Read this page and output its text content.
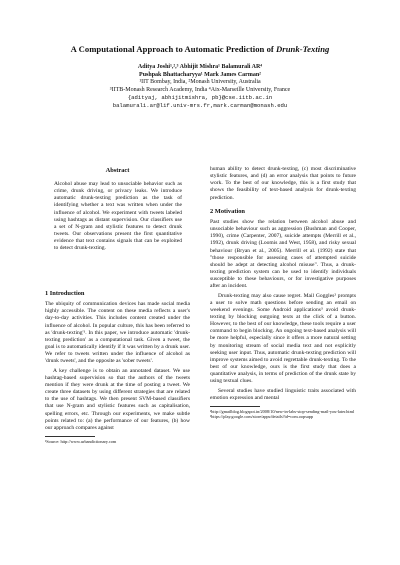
A Computational Approach to Automatic Prediction of Drunk-Texting
Aditya Joshi¹,²,³ Abhijit Mishra¹ Balamurali AR⁴
Pushpak Bhattacharyya¹ Mark James Carman²
¹IIT Bombay, India, ²Monash University, Australia
³IITB-Monash Research Academy, India ⁴Aix-Marseille University, France
{adityaj, abhijitmishra, pb}@cse.iitb.ac.in
balamurali.ar@lif.univ-mrs.fr,mark.carman@monash.edu
Abstract
Alcohol abuse may lead to unsociable behavior such as crime, drunk driving, or privacy leaks. We introduce automatic drunk-texting prediction as the task of identifying whether a text was written when under the influence of alcohol. We experiment with tweets labeled using hashtags as distant supervision. Our classifiers use a set of N-gram and stylistic features to detect drunk tweets. Our observations present the first quantitative evidence that text contains signals that can be exploited to detect drunk-texting.
1 Introduction

The ubiquity of communication devices has made social media highly accessible. The content on these media reflects a user's day-to-day activities. This includes content created under the influence of alcohol. In popular culture, this has been referred to as 'drunk-texting'¹. In this paper, we introduce automatic 'drunk-texting prediction' as a computational task. Given a tweet, the goal is to automatically identify if it was written by a drunk user. We refer to tweets written under the influence of alcohol as 'drunk tweets', and the opposite as 'sober tweets'.

A key challenge is to obtain an annotated dataset. We use hashtag-based supervision so that the authors of the tweets mention if they were drunk at the time of posting a tweet. We create three datasets by using different strategies that are related to the use of hashtags. We then present SVM-based classifiers that use N-gram and stylistic features such as capitalisation, spelling errors, etc. Through our experiments, we make subtle points related to: (a) the performance of our features, (b) how our approach compares against

¹Source: http://www.urbandictionary.com

human ability to detect drunk-texting, (c) most discriminative stylistic features, and (d) an error analysis that points to future work. To the best of our knowledge, this is a first study that shows the feasibility of text-based analysis for drunk-texting prediction.

2 Motivation

Past studies show the relation between alcohol abuse and unsociable behaviour such as aggression (Bushman and Cooper, 1990), crime (Carpenter, 2007), suicide attempts (Merrill et al., 1992), drunk driving (Loomis and West, 1958), and risky sexual behaviour (Bryan et al., 2005). Merrill et al. (1992) state that "those responsible for assessing cases of attempted suicide should be adept at detecting alcohol misuse". Thus, a drunk-texting prediction system can be used to identify individuals susceptible to these behaviours, or for investigative purposes after an incident.

Drunk-texting may also cause regret. Mail Goggles² prompts a user to solve math questions before sending an email on weekend evenings. Some Android applications³ avoid drunk-texting by blocking outgoing texts at the click of a button. However, to the best of our knowledge, these tools require a user command to begin blocking. An ongoing text-based analysis will be more helpful, especially since it offers a more natural setting by monitoring stream of social media text and not explicitly seeking user input. Thus, automatic drunk-texting prediction will improve systems aimed to avoid regrettable drunk-texting. To the best of our knowledge, ours is the first study that does a quantitative analysis, in terms of prediction of the drunk state by using textual clues.

Several studies have studied linguistic traits associated with emotion expression and mental

²http://gmailblog.blogspot.in/2008/10/new-in-labs-stop-sending-mail-you-later.html

³https://play.google.com/store/apps/details?id=com.oopsapp
